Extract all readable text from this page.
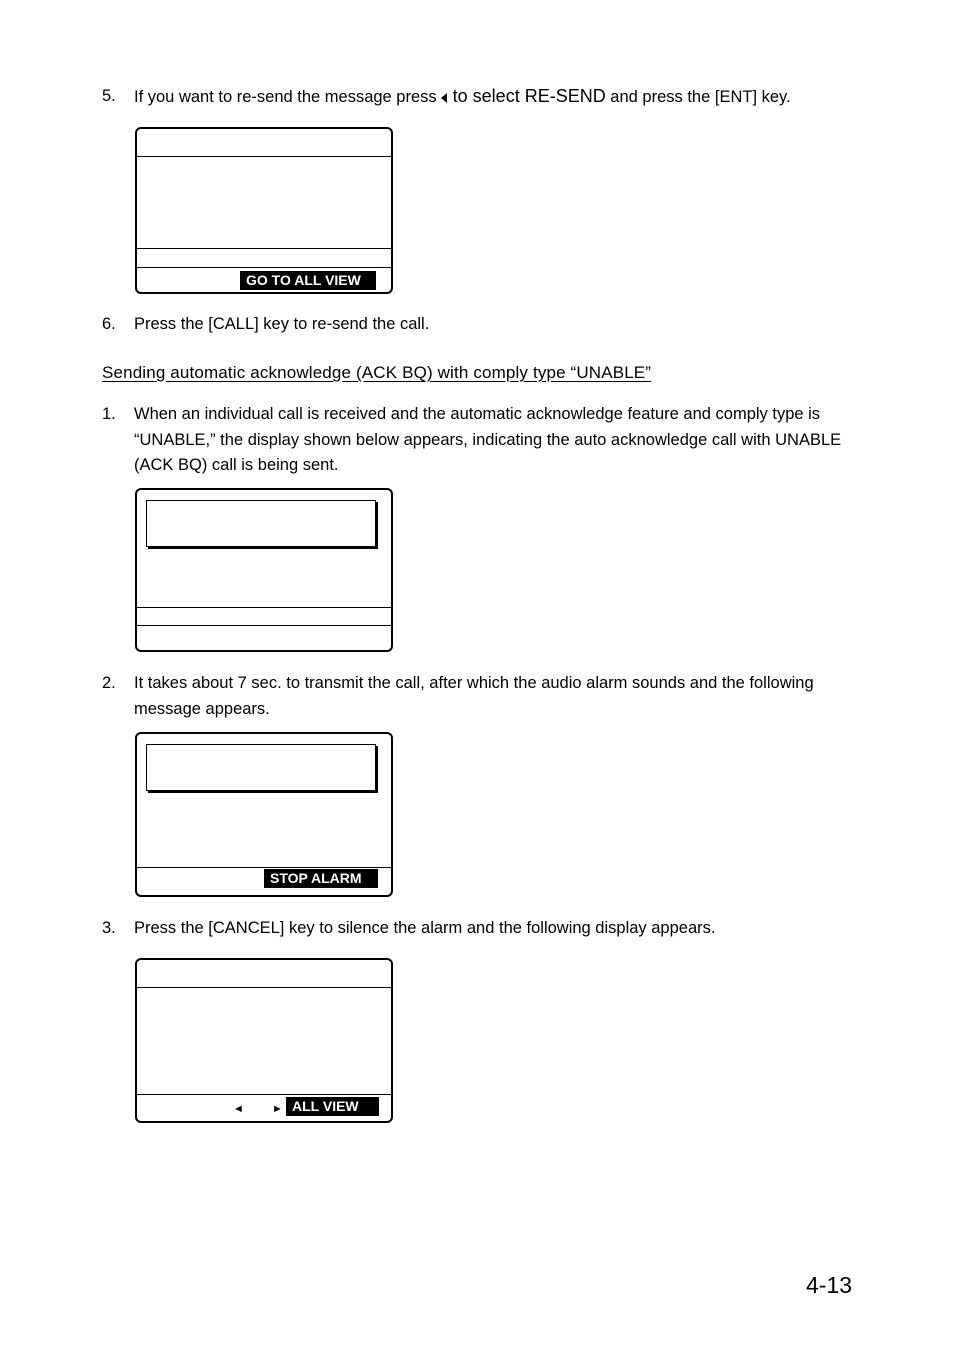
5. If you want to re-send the message press to select RE-SEND and press the [ENT] key.
GO TO ALL VIEW
6. Press the [CALL] key to re-send the call.
Sending automatic acknowledge (ACK BQ) with comply type “UNABLE”
1. When an individual call is received and the automatic acknowledge feature and comply type is “UNABLE,” the display shown below appears, indicating the auto acknowledge call with UNABLE (ACK BQ) call is being sent.
2. It takes about 7 sec. to transmit the call, after which the audio alarm sounds and the following message appears.
STOP ALARM
3. Press the [CANCEL] key to silence the alarm and the following display appears.
◄	► ALL VIEW
4-13
